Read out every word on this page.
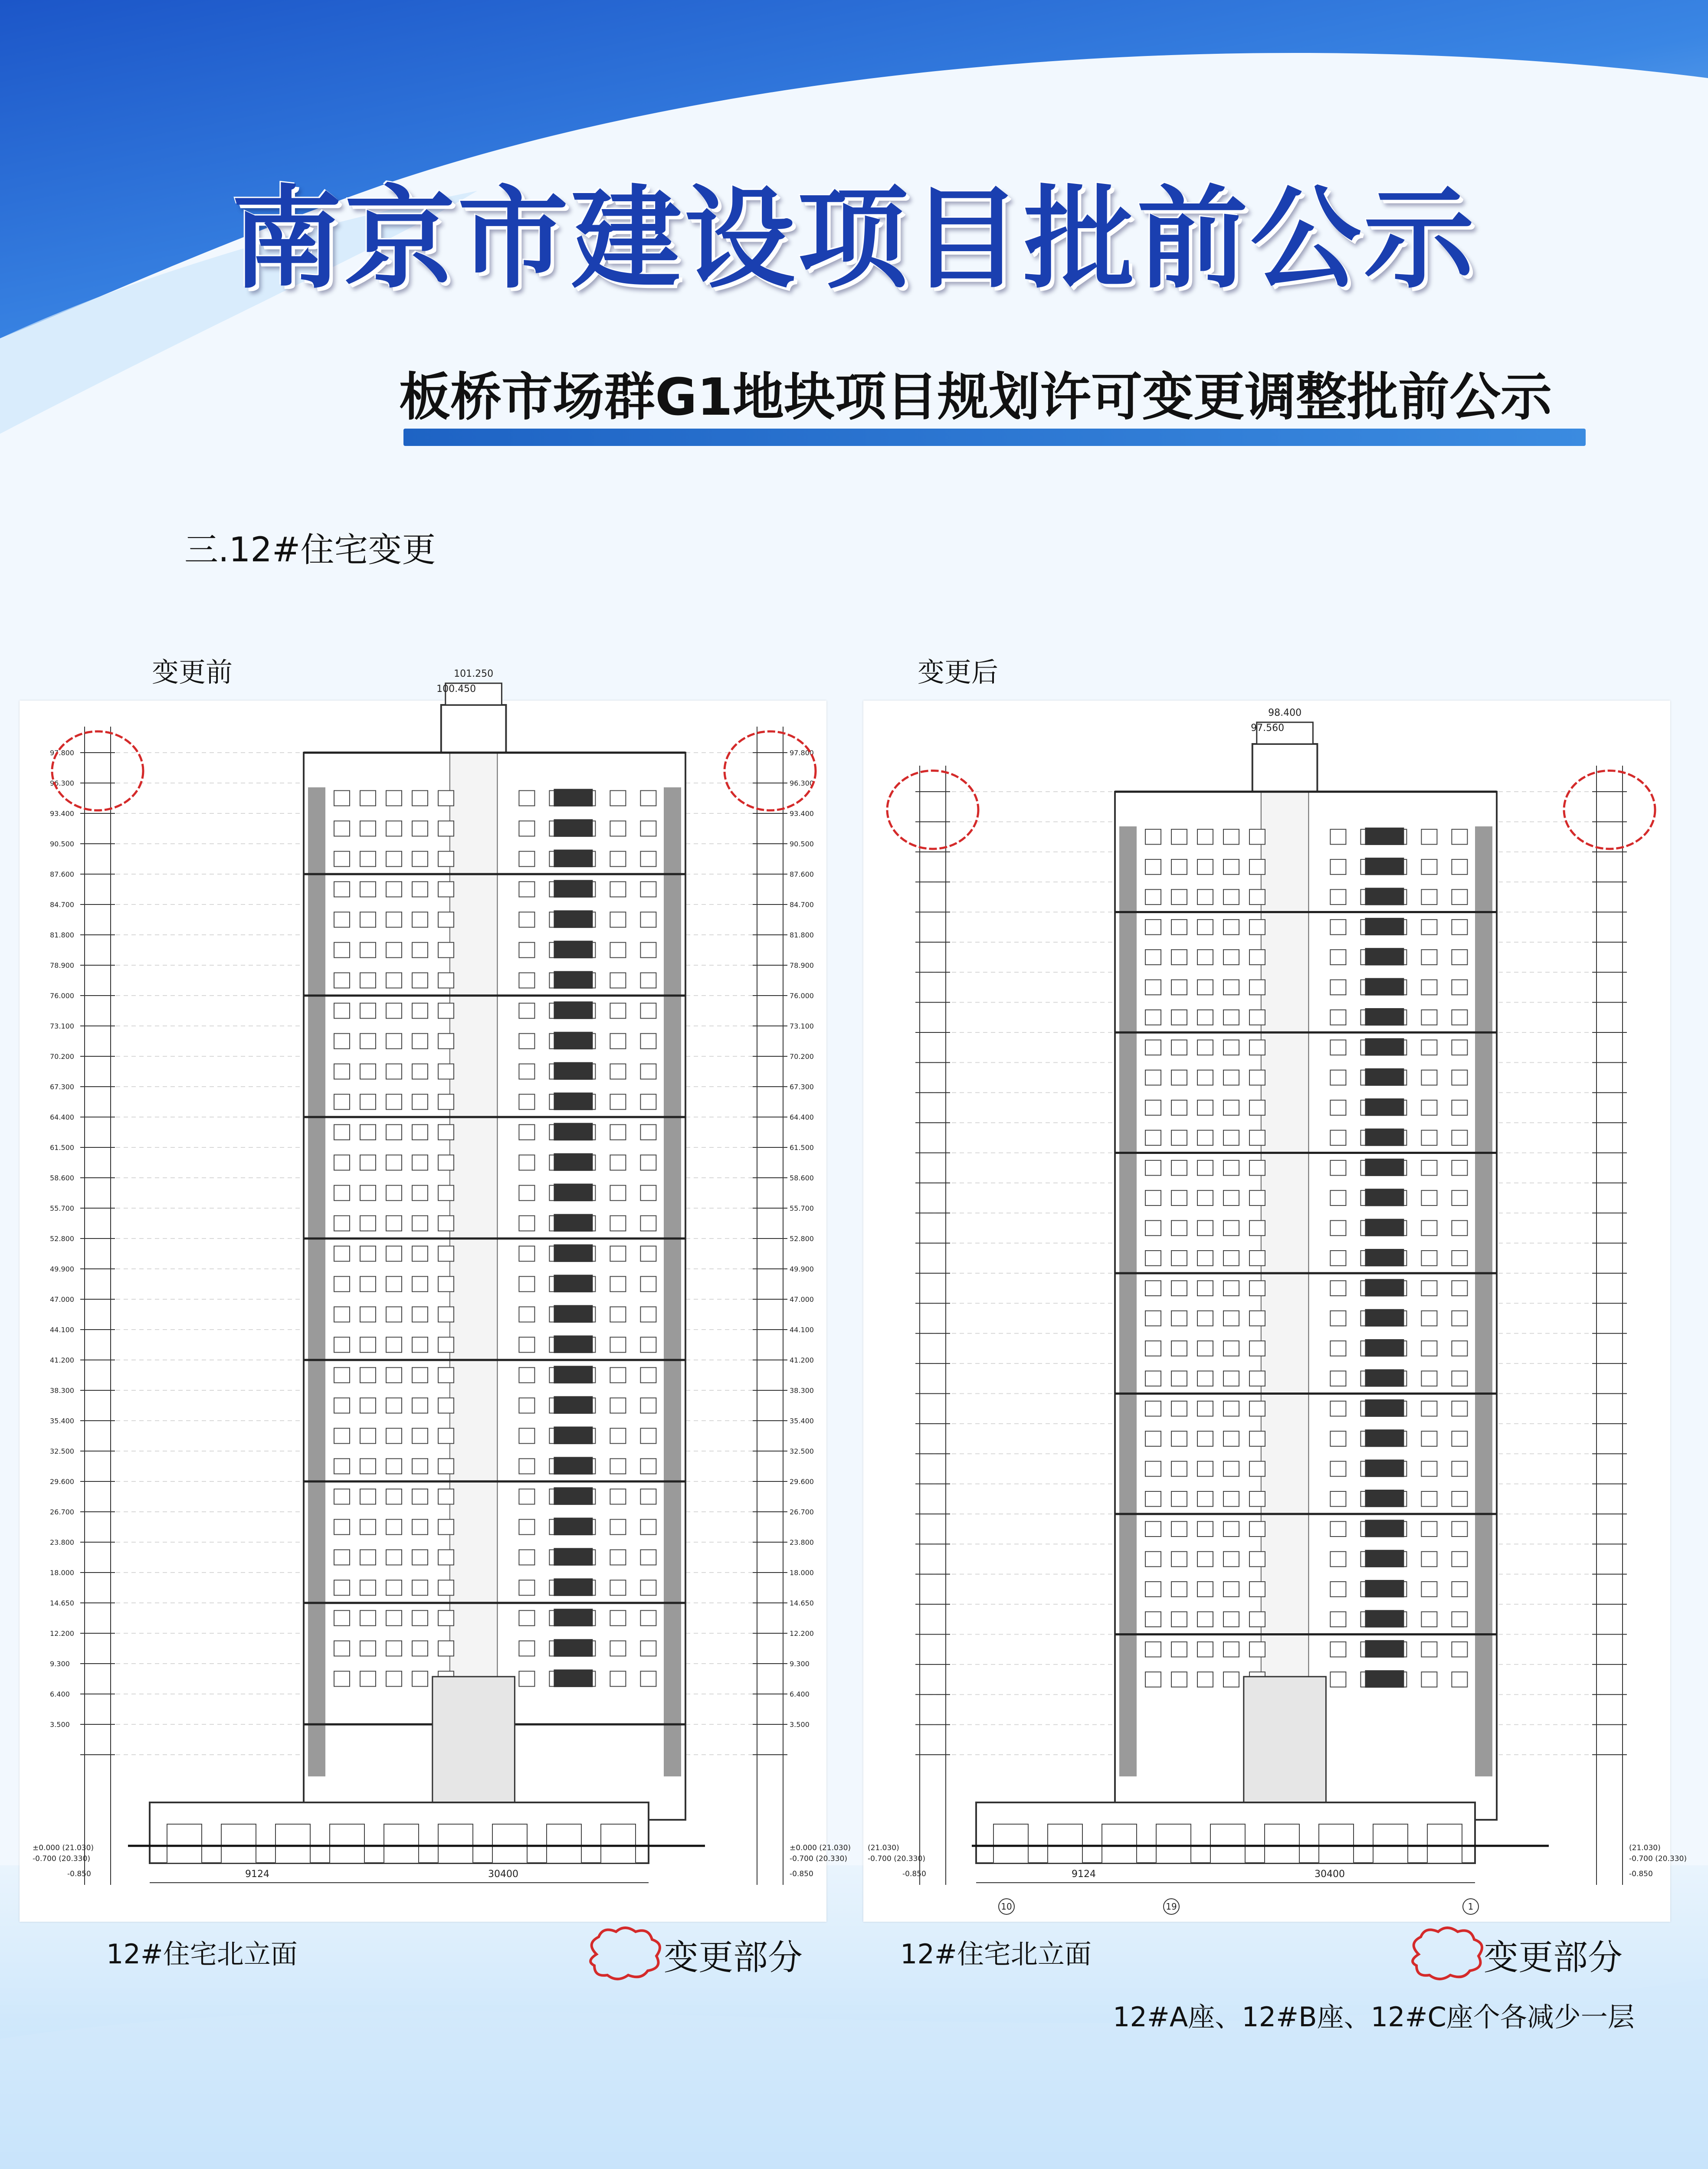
南京市建设项目批前公示
板桥市场群G1地块项目规划许可变更调整批前公示
三.12#住宅变更
变更前
9124	30400
101.250
100.450
97.800
96.300
93.400
90.500
87.600
84.700
81.800
78.900
76.000
73.100
70.200
67.300
64.400
61.500
58.600
55.700
52.800
49.900
47.000
44.100
41.200
38.300
35.400
32.500
29.600
26.700
23.800
18.000
14.650
12.200
9.300
6.400
3.500
±0.000 (21.030)
-0.700 (20.330)
-0.850
97.800
96.300
93.400
90.500
87.600
84.700
81.800
78.900
76.000
73.100
70.200
67.300
64.400
61.500
58.600
55.700
52.800
49.900
47.000
44.100
41.200
38.300
35.400
32.500
29.600
26.700
23.800
18.000
14.650
12.200
9.300
6.400
3.500
±0.000 (21.030)
-0.700 (20.330)
-0.850
12#住宅北立面	变更部分
变更后
9124	30400
98.400
97.560
(21.030)
-0.700 (20.330)
-0.850
(21.030)
-0.700 (20.330)
-0.850
10	19	1
12#住宅北立面	变更部分
12#A座、12#B座、12#C座个各减少一层
